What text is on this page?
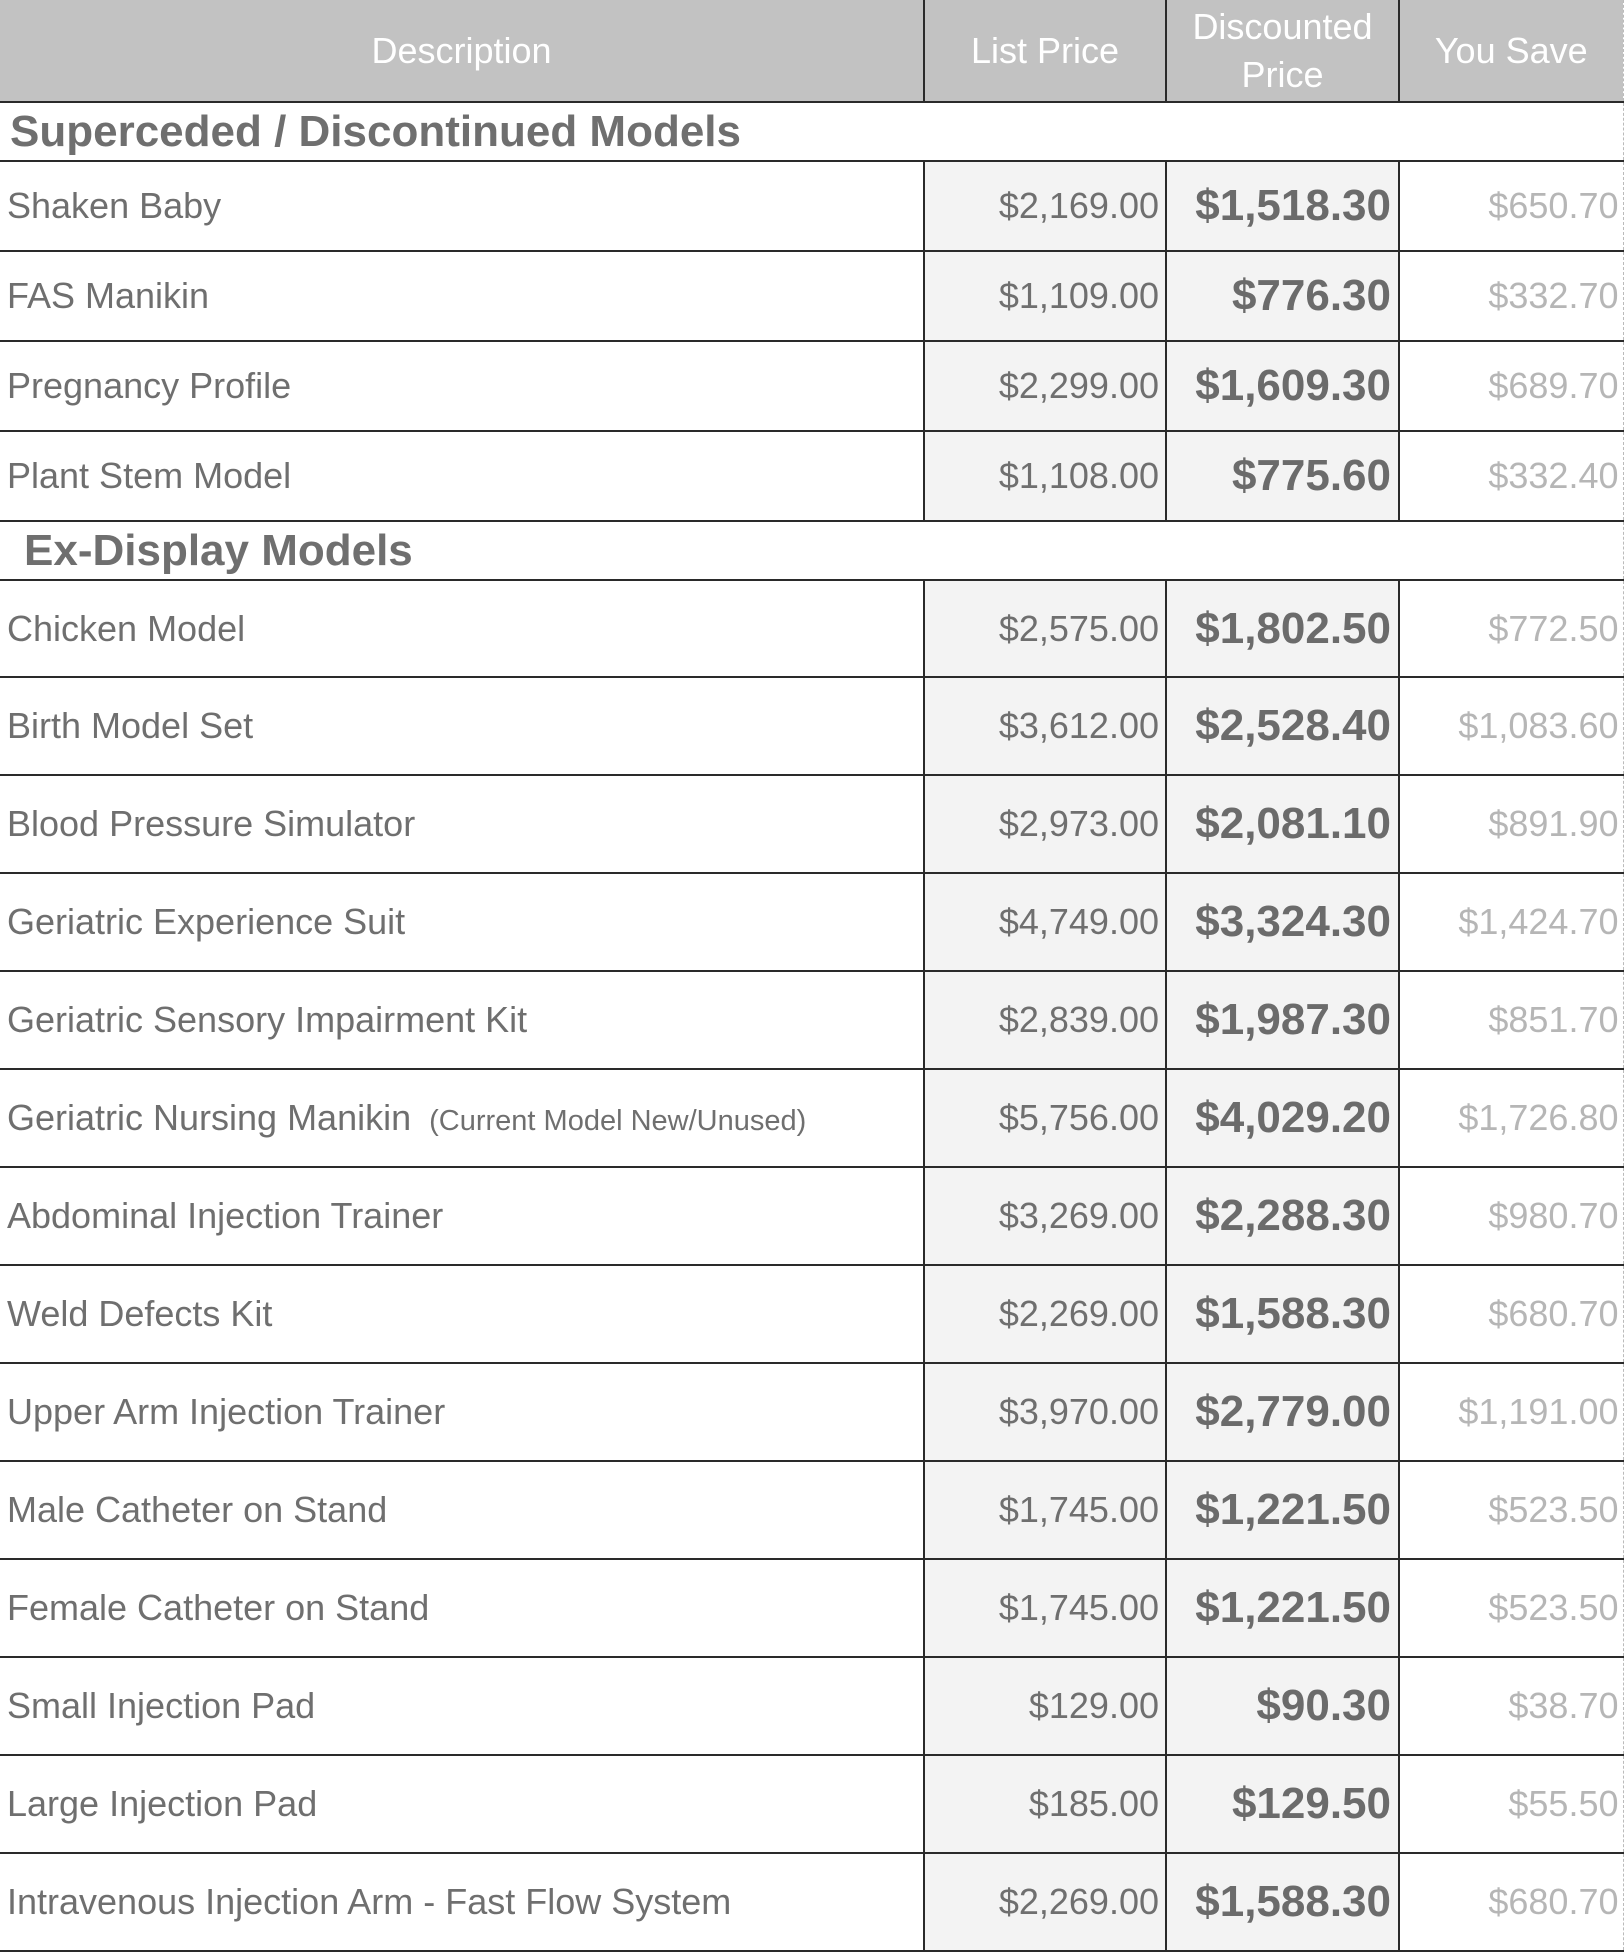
Description	List Price	Discounted Price	You Save
Superceded / Discontinued Models			
Shaken Baby	$2,169.00	$1,518.30	$650.70
FAS Manikin	$1,109.00	$776.30	$332.70
Pregnancy Profile	$2,299.00	$1,609.30	$689.70
Plant Stem Model	$1,108.00	$775.60	$332.40
Ex-Display Models			
Chicken Model	$2,575.00	$1,802.50	$772.50
Birth Model Set	$3,612.00	$2,528.40	$1,083.60
Blood Pressure Simulator	$2,973.00	$2,081.10	$891.90
Geriatric Experience Suit	$4,749.00	$3,324.30	$1,424.70
Geriatric Sensory Impairment Kit	$2,839.00	$1,987.30	$851.70
Geriatric Nursing Manikin (Current Model New/Unused)	$5,756.00	$4,029.20	$1,726.80
Abdominal Injection Trainer	$3,269.00	$2,288.30	$980.70
Weld Defects Kit	$2,269.00	$1,588.30	$680.70
Upper Arm Injection Trainer	$3,970.00	$2,779.00	$1,191.00
Male Catheter on Stand	$1,745.00	$1,221.50	$523.50
Female Catheter on Stand	$1,745.00	$1,221.50	$523.50
Small Injection Pad	$129.00	$90.30	$38.70
Large Injection Pad	$185.00	$129.50	$55.50
Intravenous Injection Arm - Fast Flow System	$2,269.00	$1,588.30	$680.70
